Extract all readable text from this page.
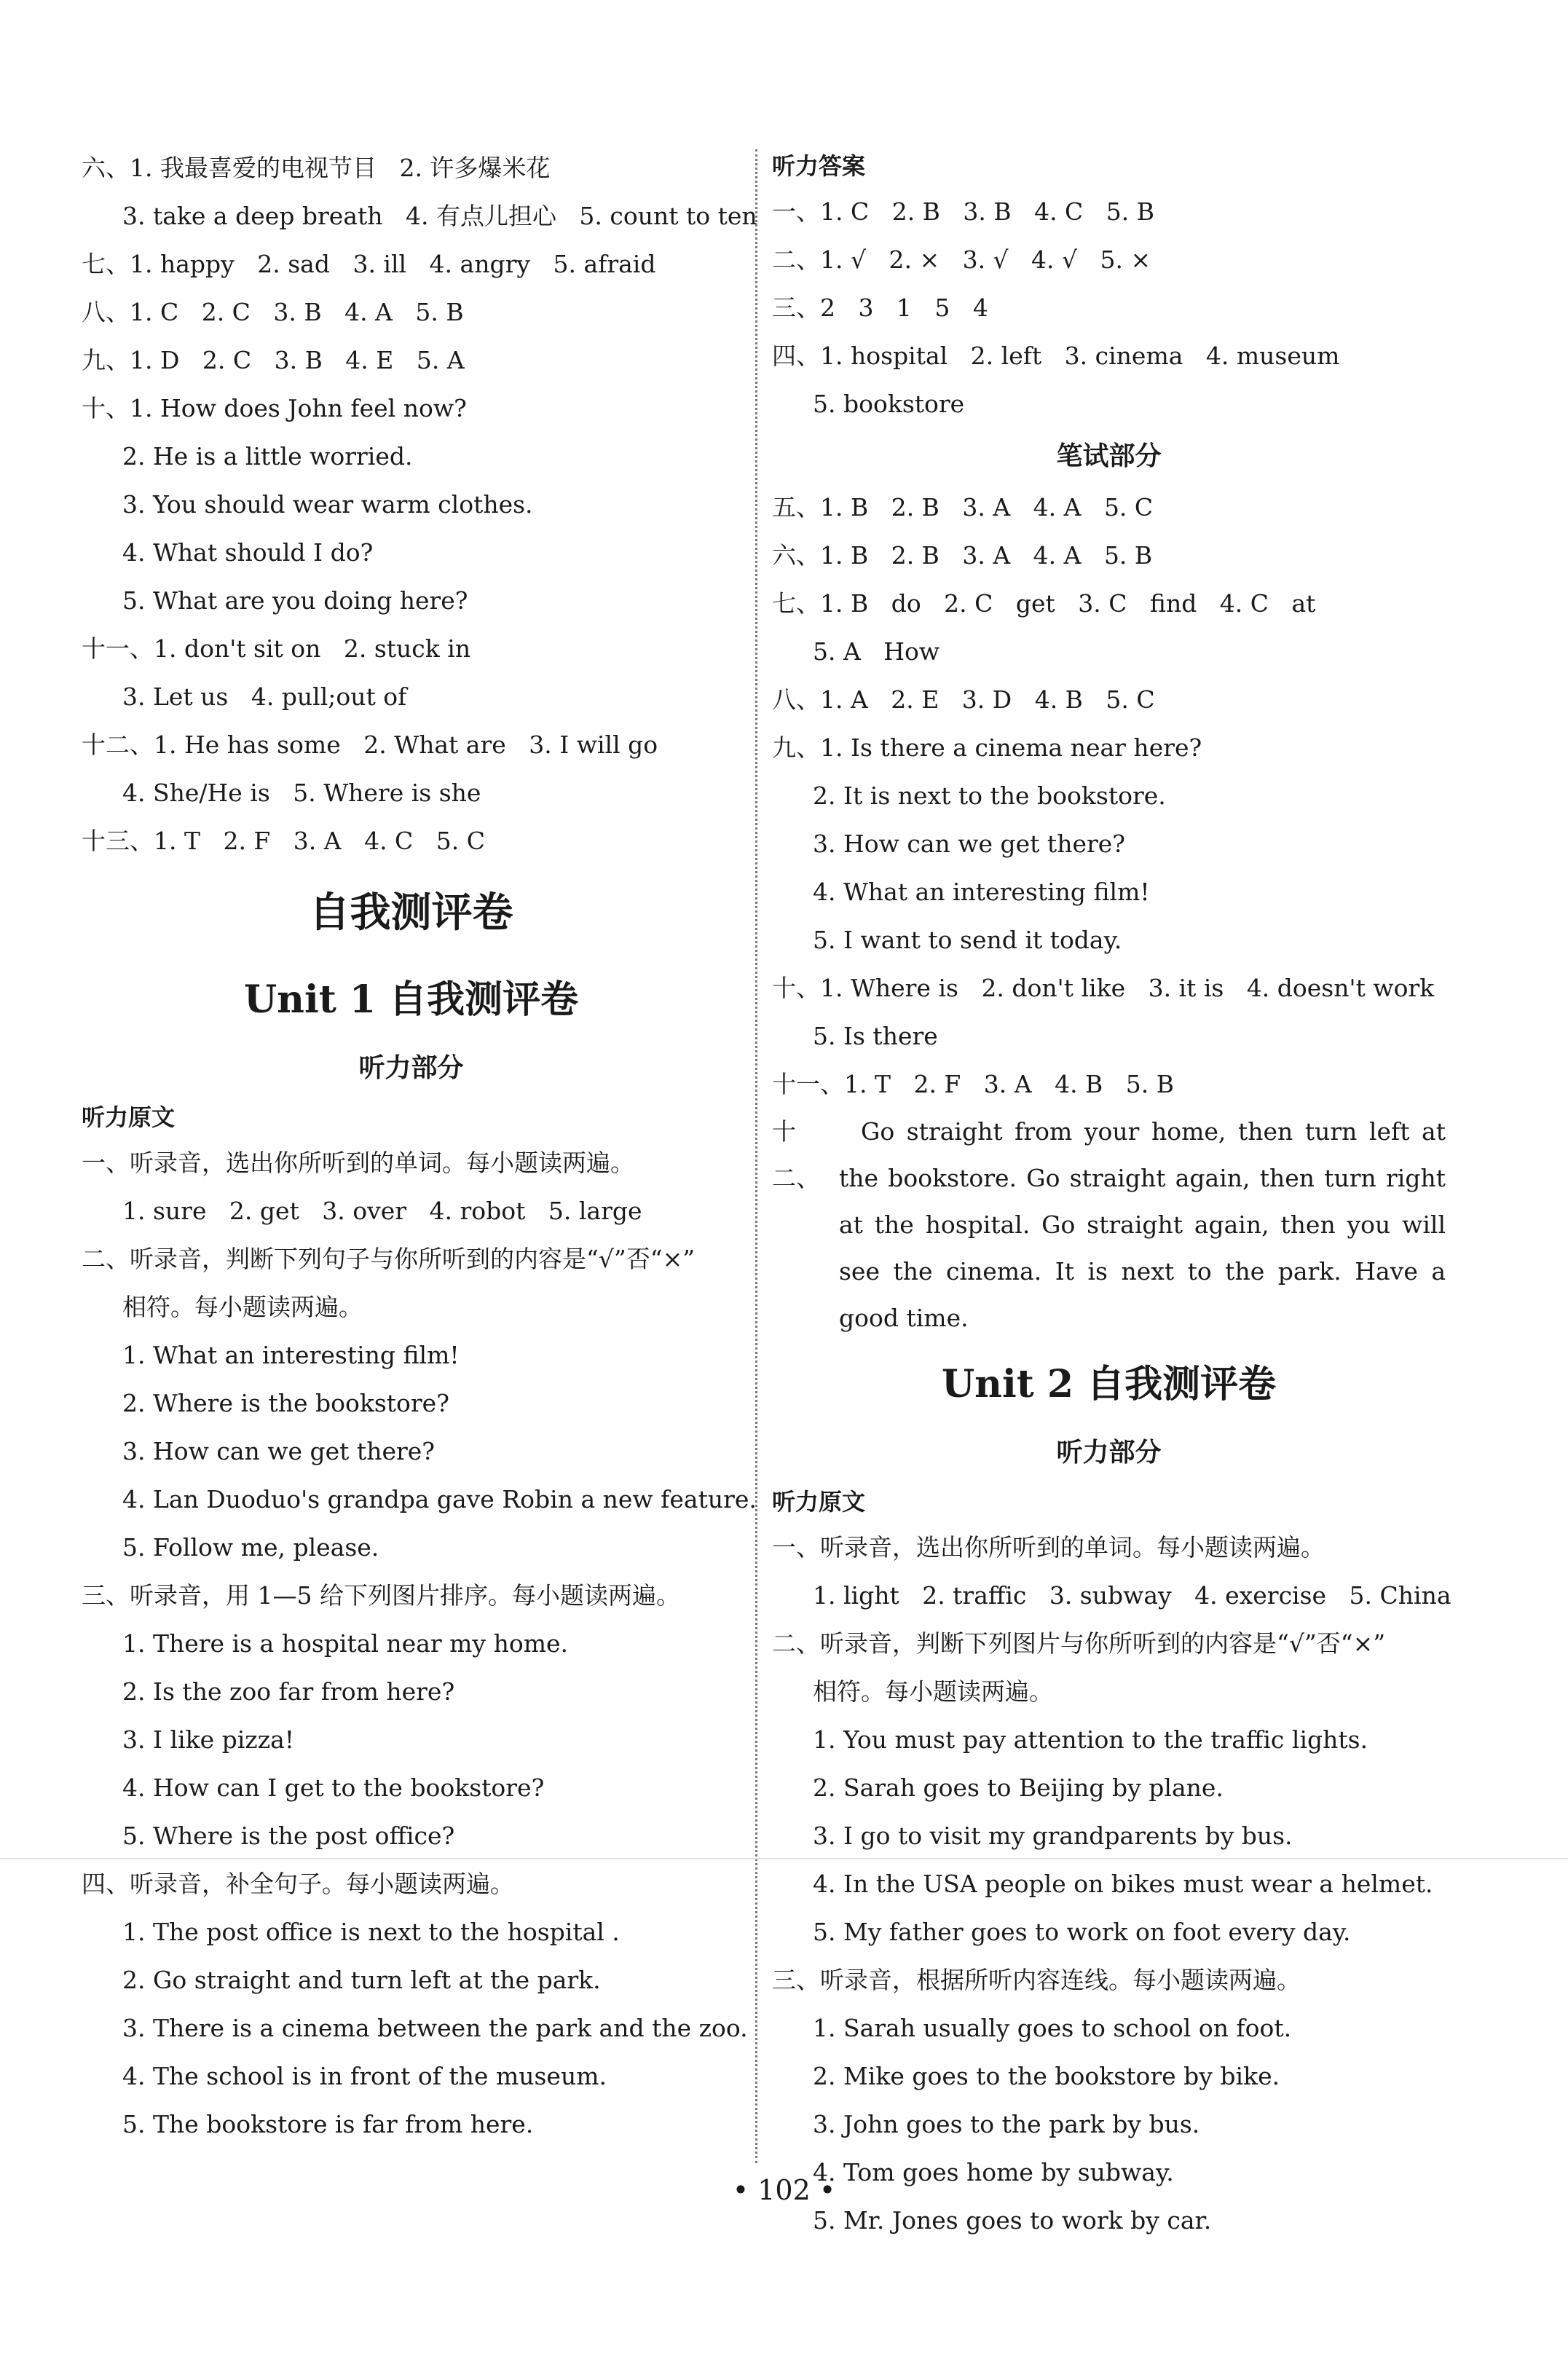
六、1. 我最喜爱的电视节目   2. 许多爆米花
3. take a deep breath   4. 有点儿担心   5. count to ten
七、1. happy   2. sad   3. ill   4. angry   5. afraid
八、1. C   2. C   3. B   4. A   5. B
九、1. D   2. C   3. B   4. E   5. A
十、1. How does John feel now?
2. He is a little worried.
3. You should wear warm clothes.
4. What should I do?
5. What are you doing here?
十一、1. don't sit on   2. stuck in
3. Let us   4. pull;out of
十二、1. He has some   2. What are   3. I will go
4. She/He is   5. Where is she
十三、1. T   2. F   3. A   4. C   5. C
自我测评卷
Unit 1 自我测评卷
听力部分
听力原文
一、听录音，选出你所听到的单词。每小题读两遍。
1. sure   2. get   3. over   4. robot   5. large
二、听录音，判断下列句子与你所听到的内容是“√”否“×”
相符。每小题读两遍。
1. What an interesting film!
2. Where is the bookstore?
3. How can we get there?
4. Lan Duoduo's grandpa gave Robin a new feature.
5. Follow me, please.
三、听录音，用 1—5 给下列图片排序。每小题读两遍。
1. There is a hospital near my home.
2. Is the zoo far from here?
3. I like pizza!
4. How can I get to the bookstore?
5. Where is the post office?
四、听录音，补全句子。每小题读两遍。
1. The post office is next to the hospital .
2. Go straight and turn left at the park.
3. There is a cinema between the park and the zoo.
4. The school is in front of the museum.
5. The bookstore is far from here.
听力答案
一、1. C   2. B   3. B   4. C   5. B
二、1. √   2. ×   3. √   4. √   5. ×
三、2   3   1   5   4
四、1. hospital   2. left   3. cinema   4. museum
5. bookstore
笔试部分
五、1. B   2. B   3. A   4. A   5. C
六、1. B   2. B   3. A   4. A   5. B
七、1. B   do   2. C   get   3. C   find   4. C   at
5. A   How
八、1. A   2. E   3. D   4. B   5. C
九、1. Is there a cinema near here?
2. It is next to the bookstore.
3. How can we get there?
4. What an interesting film!
5. I want to send it today.
十、1. Where is   2. don't like   3. it is   4. doesn't work
5. Is there
十一、1. T   2. F   3. A   4. B   5. B
十二、
Go straight from your home, then turn left at the bookstore. Go straight again, then turn right at the hospital. Go straight again, then you will see the cinema. It is next to the park. Have a good time.
Unit 2 自我测评卷
听力部分
听力原文
一、听录音，选出你所听到的单词。每小题读两遍。
1. light   2. traffic   3. subway   4. exercise   5. China
二、听录音，判断下列图片与你所听到的内容是“√”否“×”
相符。每小题读两遍。
1. You must pay attention to the traffic lights.
2. Sarah goes to Beijing by plane.
3. I go to visit my grandparents by bus.
4. In the USA people on bikes must wear a helmet.
5. My father goes to work on foot every day.
三、听录音，根据所听内容连线。每小题读两遍。
1. Sarah usually goes to school on foot.
2. Mike goes to the bookstore by bike.
3. John goes to the park by bus.
4. Tom goes home by subway.
5. Mr. Jones goes to work by car.
• 102 •
